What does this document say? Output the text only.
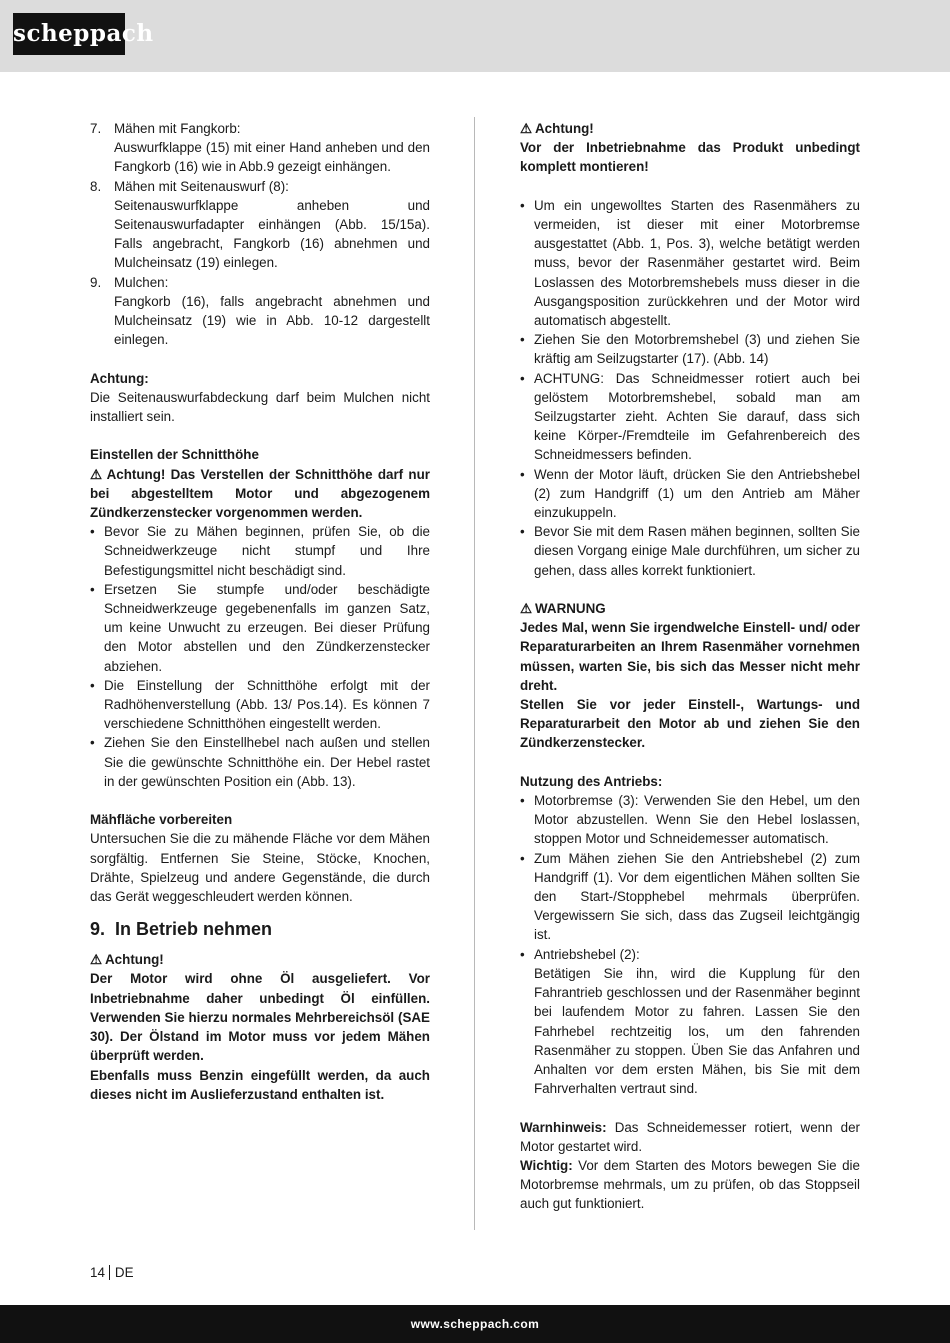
scheppach
7. Mähen mit Fangkorb:

Auswurfklappe (15) mit einer Hand anheben und den Fangkorb (16) wie in Abb.9 gezeigt einhängen.

8. Mähen mit Seitenauswurf (8):

Seitenauswurfklappe anheben und Seitenauswurfadapter einhängen (Abb. 15/15a). Falls angebracht, Fangkorb (16) abnehmen und Mulcheinsatz (19) einlegen.

9. Mulchen:

Fangkorb (16), falls angebracht abnehmen und Mulcheinsatz (19) wie in Abb. 10-12 dargestellt einlegen.

Achtung:

Die Seitenauswurfabdeckung darf beim Mulchen nicht installiert sein.

Einstellen der Schnitthöhe

⚠ Achtung! Das Verstellen der Schnitthöhe darf nur bei abgestelltem Motor und abgezogenem Zündkerzenstecker vorgenommen werden.

• Bevor Sie zu Mähen beginnen, prüfen Sie, ob die Schneidwerkzeuge nicht stumpf und Ihre Befestigungsmittel nicht beschädigt sind.
• Ersetzen Sie stumpfe und/oder beschädigte Schneidwerkzeuge gegebenenfalls im ganzen Satz, um keine Unwucht zu erzeugen. Bei dieser Prüfung den Motor abstellen und den Zündkerzenstecker abziehen.
• Die Einstellung der Schnitthöhe erfolgt mit der Radhöhenverstellung (Abb. 13/ Pos.14). Es können 7 verschiedene Schnitthöhen eingestellt werden.
• Ziehen Sie den Einstellhebel nach außen und stellen Sie die gewünschte Schnitthöhe ein. Der Hebel rastet in der gewünschten Position ein (Abb. 13).
Mähfläche vorbereiten

Untersuchen Sie die zu mähende Fläche vor dem Mähen sorgfältig. Entfernen Sie Steine, Stöcke, Knochen, Drähte, Spielzeug und andere Gegenstände, die durch das Gerät weggeschleudert werden können.

9. In Betrieb nehmen
⚠ Achtung!

Der Motor wird ohne Öl ausgeliefert. Vor Inbetriebnahme daher unbedingt Öl einfüllen. Verwenden Sie hierzu normales Mehrbereichsöl (SAE 30). Der Ölstand im Motor muss vor jedem Mähen überprüft werden.

Ebenfalls muss Benzin eingefüllt werden, da auch dieses nicht im Auslieferzustand enthalten ist.

⚠ Achtung!

Vor der Inbetriebnahme das Produkt unbedingt komplett montieren!

• Um ein ungewolltes Starten des Rasenmähers zu vermeiden, ist dieser mit einer Motorbremse ausgestattet (Abb. 1, Pos. 3), welche betätigt werden muss, bevor der Rasenmäher gestartet wird. Beim Loslassen des Motorbremshebels muss dieser in die Ausgangsposition zurückkehren und der Motor wird automatisch abgestellt.
• Ziehen Sie den Motorbremshebel (3) und ziehen Sie kräftig am Seilzugstarter (17). (Abb. 14)
• ACHTUNG: Das Schneidmesser rotiert auch bei gelöstem Motorbremshebel, sobald man am Seilzugstarter zieht. Achten Sie darauf, dass sich keine Körper-/Fremdteile im Gefahrenbereich des Schneidmessers befinden.
• Wenn der Motor läuft, drücken Sie den Antriebshebel (2) zum Handgriff (1) um den Antrieb am Mäher einzukuppeln.
• Bevor Sie mit dem Rasen mähen beginnen, sollten Sie diesen Vorgang einige Male durchführen, um sicher zu gehen, dass alles korrekt funktioniert.
⚠ WARNUNG

Jedes Mal, wenn Sie irgendwelche Einstell- und/ oder Reparaturarbeiten an Ihrem Rasenmäher vornehmen müssen, warten Sie, bis sich das Messer nicht mehr dreht.

Stellen Sie vor jeder Einstell-, Wartungs- und Reparaturarbeit den Motor ab und ziehen Sie den Zündkerzenstecker.

Nutzung des Antriebs:
• Motorbremse (3): Verwenden Sie den Hebel, um den Motor abzustellen. Wenn Sie den Hebel loslassen, stoppen Motor und Schneidemesser automatisch.
• Zum Mähen ziehen Sie den Antriebshebel (2) zum Handgriff (1). Vor dem eigentlichen Mähen sollten Sie den Start-/Stopphebel mehrmals überprüfen. Vergewissern Sie sich, dass das Zugseil leichtgängig ist.
• Antriebshebel (2):

Betätigen Sie ihn, wird die Kupplung für den Fahrantrieb geschlossen und der Rasenmäher beginnt bei laufendem Motor zu fahren. Lassen Sie den Fahrhebel rechtzeitig los, um den fahrenden Rasenmäher zu stoppen. Üben Sie das Anfahren und Anhalten vor dem ersten Mähen, bis Sie mit dem Fahrverhalten vertraut sind.

Warnhinweis: Das Schneidemesser rotiert, wenn der Motor gestartet wird.

Wichtig: Vor dem Starten des Motors bewegen Sie die Motorbremse mehrmals, um zu prüfen, ob das Stoppseil auch gut funktioniert.

14 DE
www.scheppach.com
